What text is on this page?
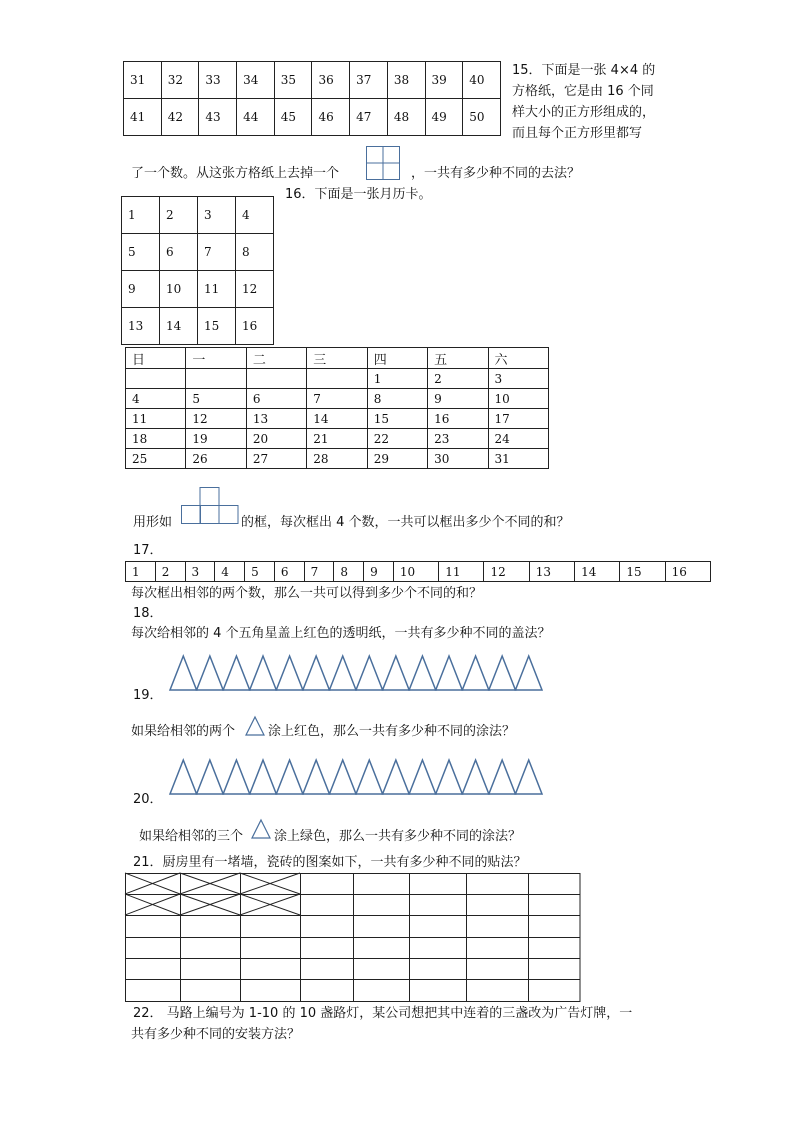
31	32	33	34	35	36	37	38	39	40
41	42	43	44	45	46	47	48	49	50
15．下面是一张 4×4 的
方格纸，它是由 16 个同
样大小的正方形组成的，
而且每个正方形里都写
了一个数。从这张方格纸上去掉一个	，一共有多少种不同的去法？
1	2	3	4
5	6	7	8
9	10	11	12
13	14	15	16
16．下面是一张月历卡。
日	一	二	三	四	五	六
				1	2	3
4	5	6	7	8	9	10
11	12	13	14	15	16	17
18	19	20	21	22	23	24
25	26	27	28	29	30	31
用形如	的框，每次框出 4 个数，一共可以框出多少个不同的和？
17．
1	2	3	4	5	6	7	8	9	10	11	12	13	14	15	16
每次框出相邻的两个数，那么一共可以得到多少个不同的和？
18．
每次给相邻的 4 个五角星盖上红色的透明纸，一共有多少种不同的盖法？
19．
如果给相邻的两个	涂上红色，那么一共有多少种不同的涂法？
20．
如果给相邻的三个 涂上绿色，那么一共有多少种不同的涂法？
21．厨房里有一堵墙，瓷砖的图案如下，一共有多少种不同的贴法？
22． 马路上编号为 1-10 的 10 盏路灯，某公司想把其中连着的三盏改为广告灯牌，一
共有多少种不同的安装方法？
